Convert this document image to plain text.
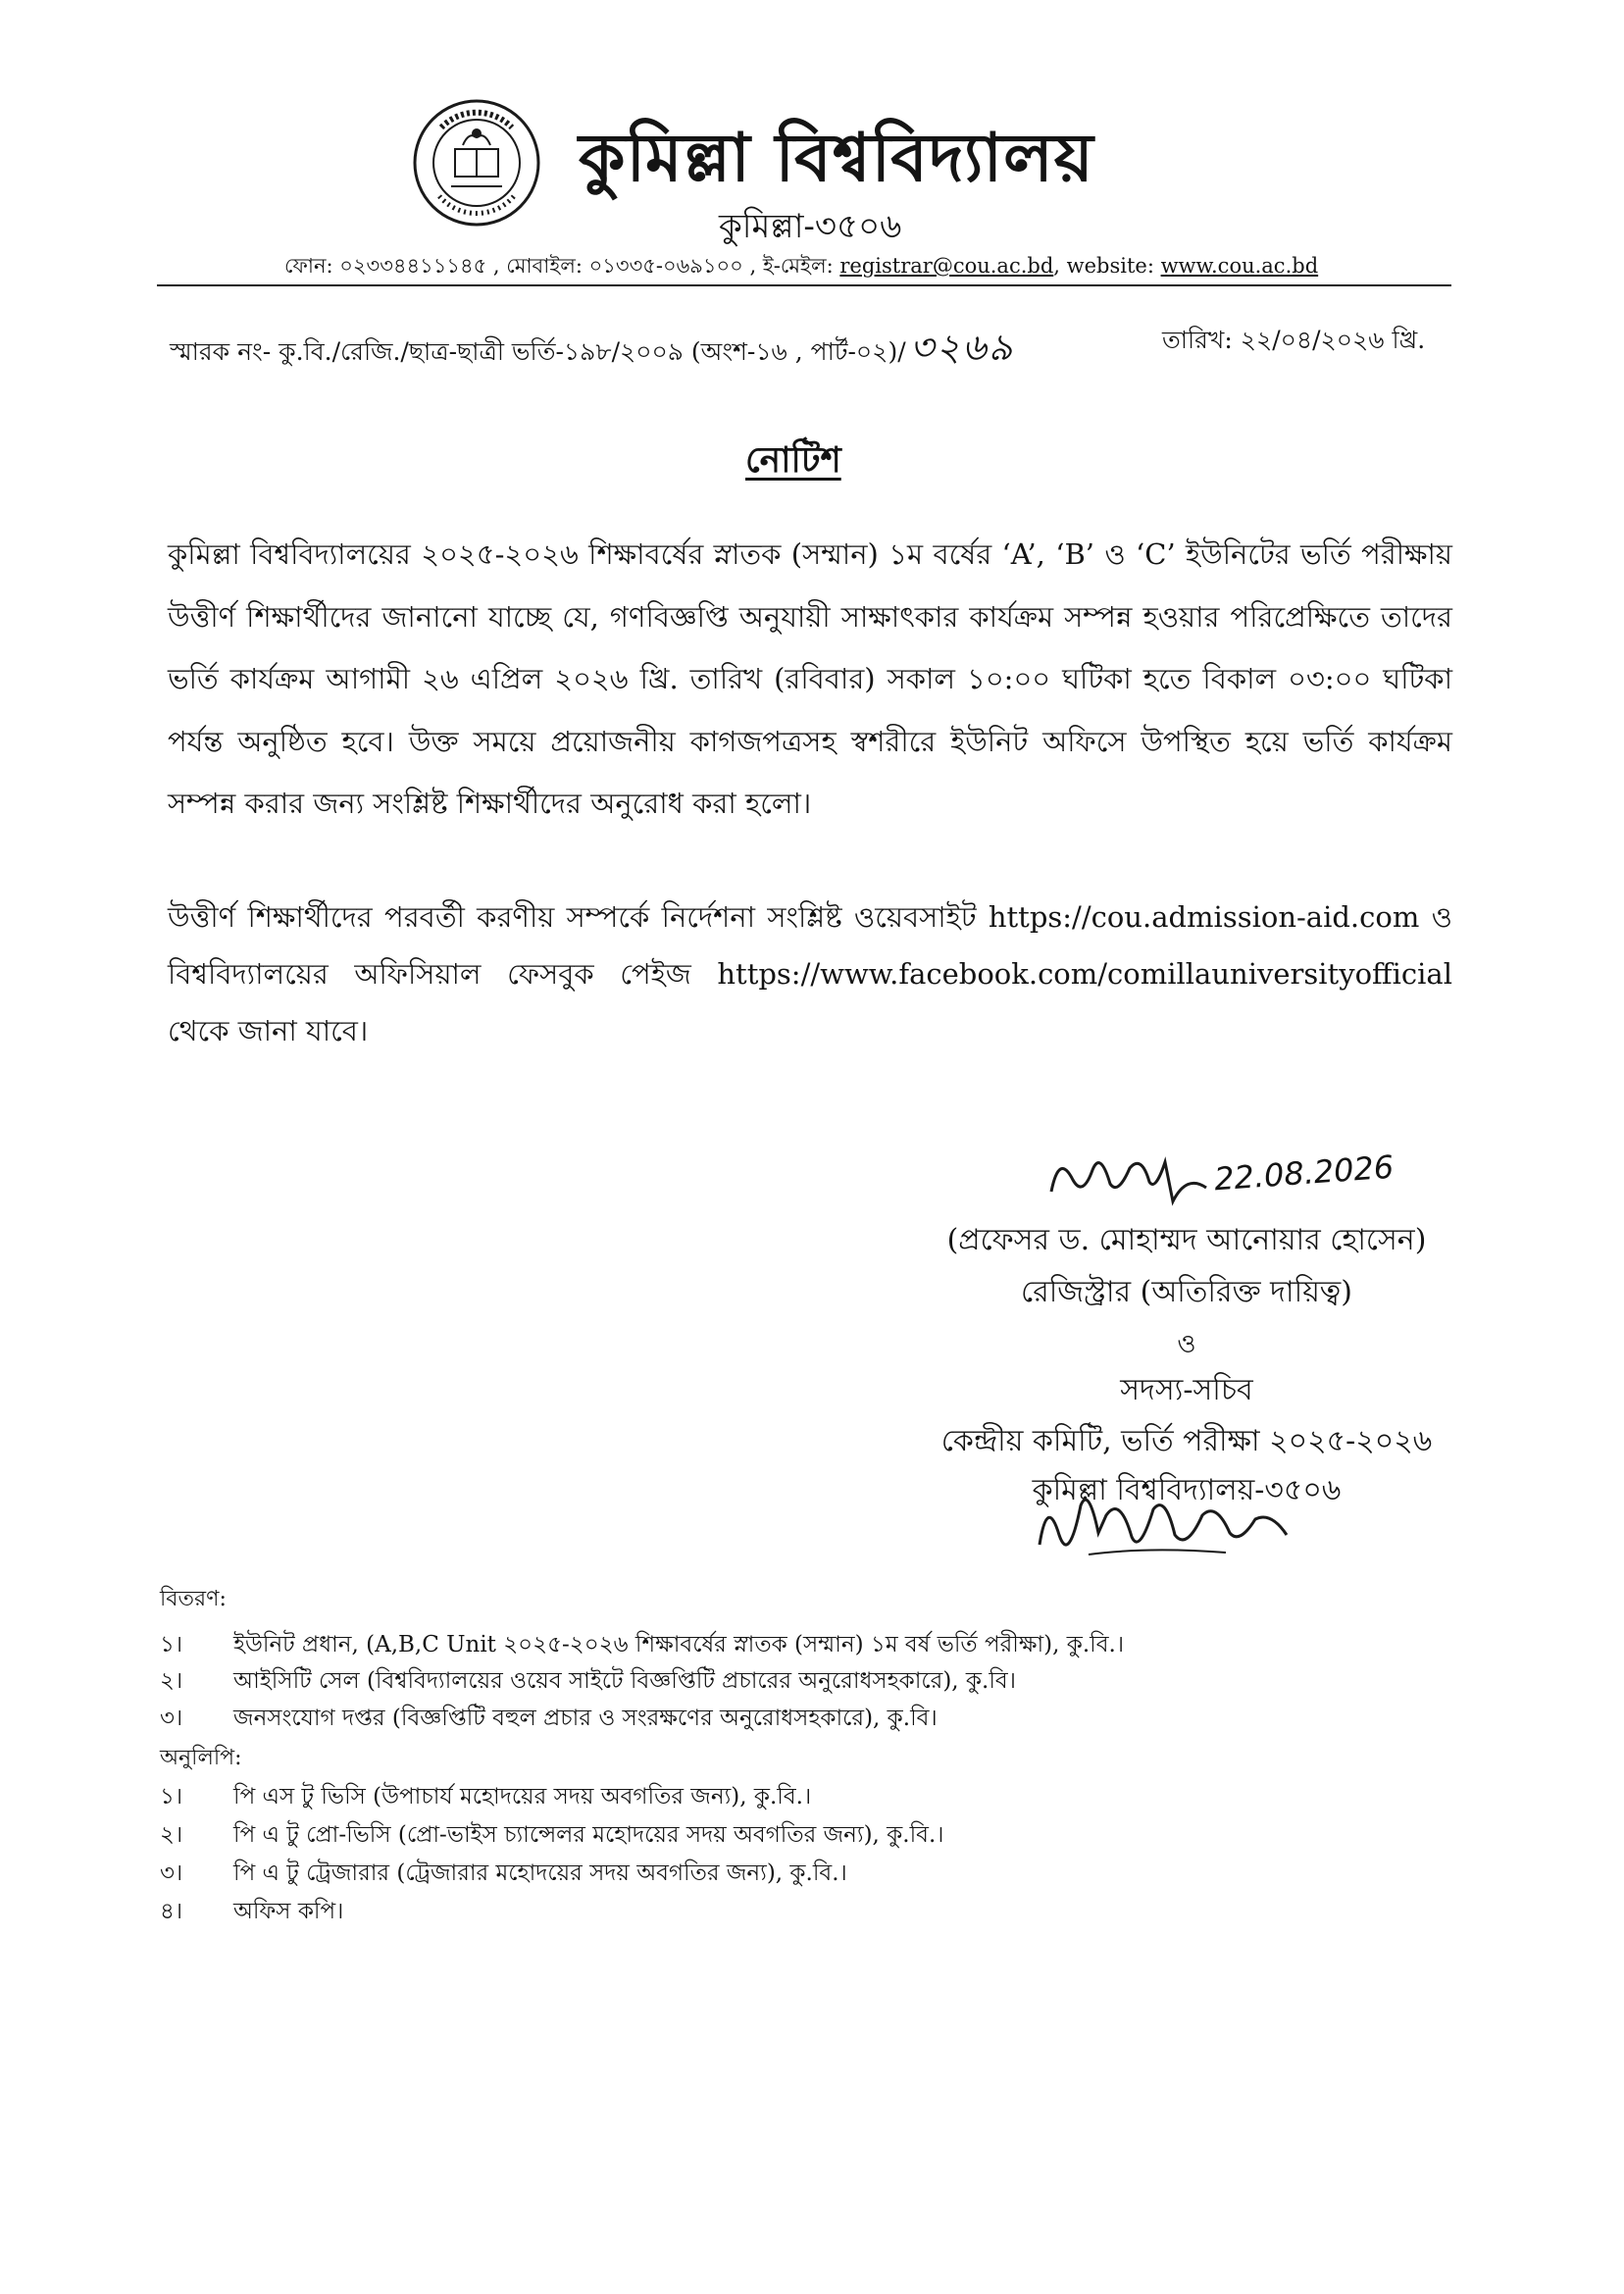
কুমিল্লা বিশ্ববিদ্যালয়
কুমিল্লা-৩৫০৬
ফোন: ০২৩৩৪৪১১১৪৫ , মোবাইল: ০১৩৩৫-০৬৯১০০ , ই-মেইল: registrar@cou.ac.bd, website: www.cou.ac.bd
স্মারক নং- কু.বি./রেজি./ছাত্র-ছাত্রী ভর্তি-১৯৮/২০০৯ (অংশ-১৬ , পার্ট-০২)/ ৩২৬৯	তারিখ: ২২/০৪/২০২৬ খ্রি.
নোটিশ

কুমিল্লা বিশ্ববিদ্যালয়ের ২০২৫-২০২৬ শিক্ষাবর্ষের স্নাতক (সম্মান) ১ম বর্ষের ‘A’, ‘B’ ও ‘C’ ইউনিটের ভর্তি পরীক্ষায় উত্তীর্ণ শিক্ষার্থীদের জানানো যাচ্ছে যে, গণবিজ্ঞপ্তি অনুযায়ী সাক্ষাৎকার কার্যক্রম সম্পন্ন হওয়ার পরিপ্রেক্ষিতে তাদের ভর্তি কার্যক্রম আগামী ২৬ এপ্রিল ২০২৬ খ্রি. তারিখ (রবিবার) সকাল ১০:০০ ঘটিকা হতে বিকাল ০৩:০০ ঘটিকা পর্যন্ত অনুষ্ঠিত হবে। উক্ত সময়ে প্রয়োজনীয় কাগজপত্রসহ স্বশরীরে ইউনিট অফিসে উপস্থিত হয়ে ভর্তি কার্যক্রম সম্পন্ন করার জন্য সংশ্লিষ্ট শিক্ষার্থীদের অনুরোধ করা হলো।

উত্তীর্ণ শিক্ষার্থীদের পরবর্তী করণীয় সম্পর্কে নির্দেশনা সংশ্লিষ্ট ওয়েবসাইট https://cou.admission-aid.com ও বিশ্ববিদ্যালয়ের অফিসিয়াল ফেসবুক পেইজ https://www.facebook.com/comillauniversityofficial থেকে জানা যাবে।

22.08.2026
(প্রফেসর ড. মোহাম্মদ আনোয়ার হোসেন)
রেজিস্ট্রার (অতিরিক্ত দায়িত্ব)
ও
সদস্য-সচিব
কেন্দ্রীয় কমিটি, ভর্তি পরীক্ষা ২০২৫-২০২৬
কুমিল্লা বিশ্ববিদ্যালয়-৩৫০৬
বিতরণ:
১। ইউনিট প্রধান, (A,B,C Unit ২০২৫-২০২৬ শিক্ষাবর্ষের স্নাতক (সম্মান) ১ম বর্ষ ভর্তি পরীক্ষা), কু.বি.।
২। আইসিটি সেল (বিশ্ববিদ্যালয়ের ওয়েব সাইটে বিজ্ঞপ্তিটি প্রচারের অনুরোধসহকারে), কু.বি।
৩। জনসংযোগ দপ্তর (বিজ্ঞপ্তিটি বহুল প্রচার ও সংরক্ষণের অনুরোধসহকারে), কু.বি।
অনুলিপি:
১। পি এস টু ভিসি (উপাচার্য মহোদয়ের সদয় অবগতির জন্য), কু.বি.।
২। পি এ টু প্রো-ভিসি (প্রো-ভাইস চ্যান্সেলর মহোদয়ের সদয় অবগতির জন্য), কু.বি.।
৩। পি এ টু ট্রেজারার (ট্রেজারার মহোদয়ের সদয় অবগতির জন্য), কু.বি.।
৪। অফিস কপি।
